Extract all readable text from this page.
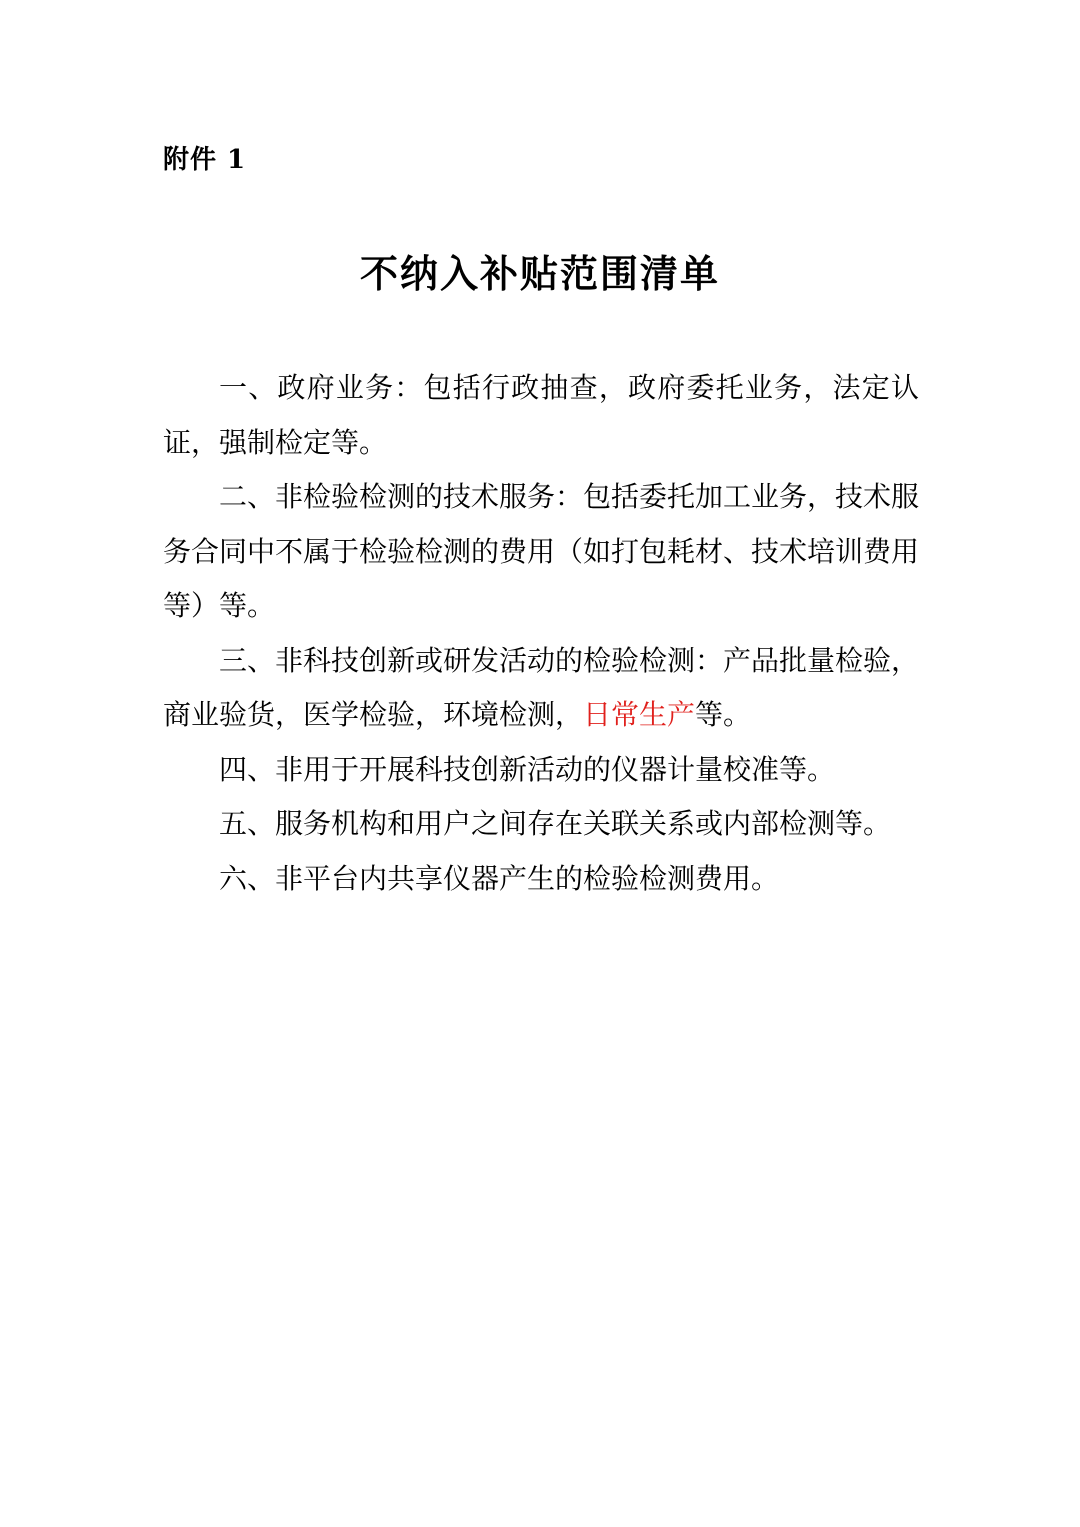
附件 1
不纳入补贴范围清单

一、政府业务：包括行政抽查，政府委托业务，法定认证，强制检定等。

二、非检验检测的技术服务：包括委托加工业务，技术服务合同中不属于检验检测的费用（如打包耗材、技术培训费用等）等。

三、非科技创新或研发活动的检验检测：产品批量检验，商业验货，医学检验，环境检测，日常生产等。

四、非用于开展科技创新活动的仪器计量校准等。

五、服务机构和用户之间存在关联关系或内部检测等。

六、非平台内共享仪器产生的检验检测费用。
